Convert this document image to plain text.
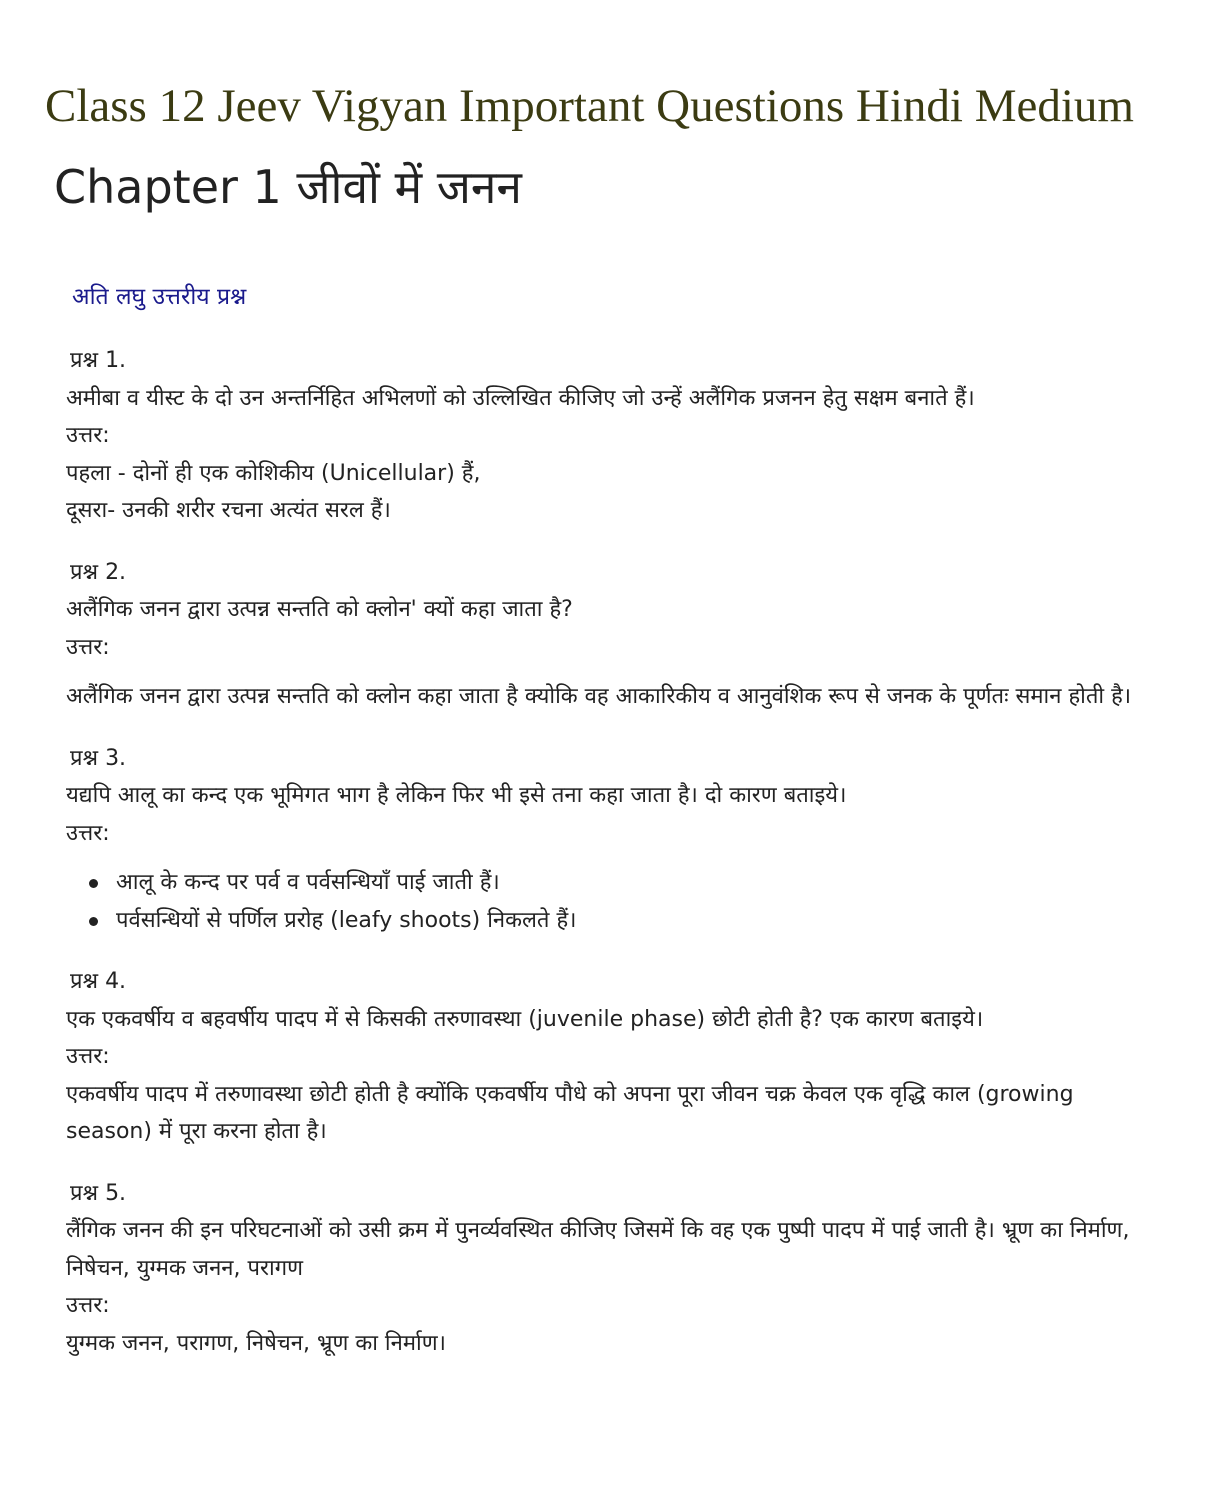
Class 12 Jeev Vigyan Important Questions Hindi Medium
Chapter 1 जीवों में जनन
अति लघु उत्तरीय प्रश्न
प्रश्न 1.
अमीबा व यीस्ट के दो उन अन्तर्निहित अभिलणों को उल्लिखित कीजिए जो उन्हें अलैंगिक प्रजनन हेतु सक्षम बनाते हैं।
उत्तर:
पहला - दोनों ही एक कोशिकीय (Unicellular) हैं,
दूसरा- उनकी शरीर रचना अत्यंत सरल हैं।
प्रश्न 2.
अलैंगिक जनन द्वारा उत्पन्न सन्तति को क्लोन' क्यों कहा जाता है?
उत्तर:
अलैंगिक जनन द्वारा उत्पन्न सन्तति को क्लोन कहा जाता है क्योकि वह आकारिकीय व आनुवंशिक रूप से जनक के पूर्णतः समान होती है।
प्रश्न 3.
यद्यपि आलू का कन्द एक भूमिगत भाग है लेकिन फिर भी इसे तना कहा जाता है। दो कारण बताइये।
उत्तर:
आलू के कन्द पर पर्व व पर्वसन्धियाँ पाई जाती हैं।
पर्वसन्धियों से पर्णिल प्ररोह (leafy shoots) निकलते हैं।
प्रश्न 4.
एक एकवर्षीय व बहवर्षीय पादप में से किसकी तरुणावस्था (juvenile phase) छोटी होती है? एक कारण बताइये।
उत्तर:
एकवर्षीय पादप में तरुणावस्था छोटी होती है क्योंकि एकवर्षीय पौधे को अपना पूरा जीवन चक्र केवल एक वृद्धि काल (growing season) में पूरा करना होता है।
प्रश्न 5.
लैंगिक जनन की इन परिघटनाओं को उसी क्रम में पुनर्व्यवस्थित कीजिए जिसमें कि वह एक पुष्पी पादप में पाई जाती है। भ्रूण का निर्माण, निषेचन, युग्मक जनन, परागण
उत्तर:
युग्मक जनन, परागण, निषेचन, भ्रूण का निर्माण।
